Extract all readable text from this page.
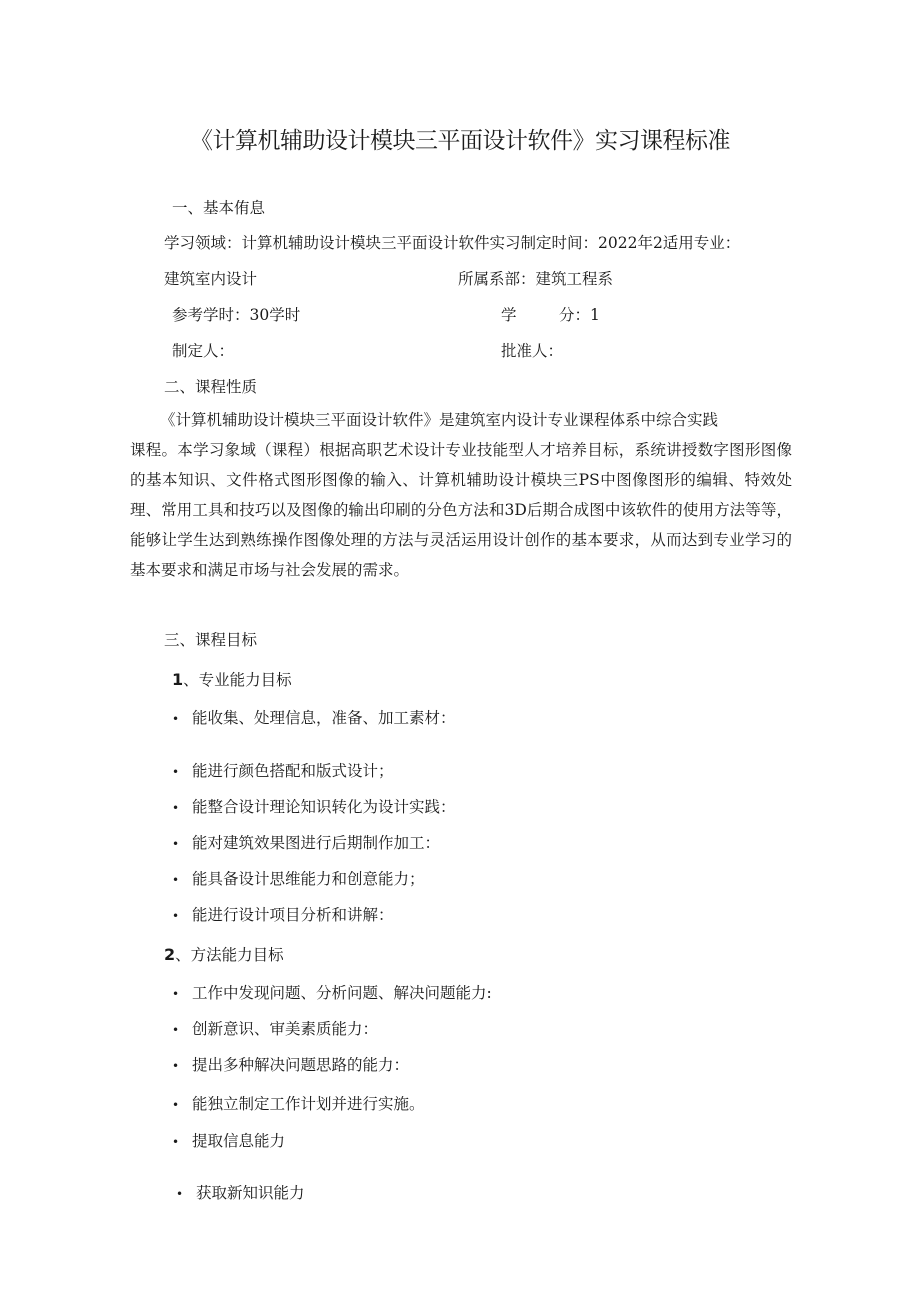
《计算机辅助设计模块三平面设计软件》实习课程标准
一、基本侑息
学习领域：计算机辅助设计模块三平面设计软件实习制定时间：2022年2适用专业：
建筑室内设计	所属系部：建筑工程系
参考学时：30学时	学	分：1
制定人：	批准人：
二、课程性质

《计算机辅助设计模块三平面设计软件》是建筑室内设计专业课程体系中综合实践

课程。本学习象域（课程）根据高职艺术设计专业技能型人才培养目标，系统讲授数字图形图像的基本知识、文件格式图形图像的输入、计算机辅助设计模块三PS中图像图形的编辑、特效处理、常用工具和技巧以及图像的输出印刷的分色方法和3D后期合成图中该软件的使用方法等等，能够让学生达到熟练操作图像处理的方法与灵活运用设计创作的基本要求，从而达到专业学习的基本要求和满足市场与社会发展的需求。

三、课程目标
1、专业能力目标
• 能收集、处理信息，准备、加工素材：
• 能进行颜色搭配和版式设计；
• 能整合设计理论知识转化为设计实践：
• 能对建筑效果图进行后期制作加工：
• 能具备设计思维能力和创意能力；
• 能进行设计项目分析和讲解：
2、方法能力目标
• 工作中发现问题、分析问题、解决问题能力:
• 创新意识、审美素质能力：
• 提出多种解决问题思路的能力：
• 能独立制定工作计划并进行实施。
• 提取信息能力
• 获取新知识能力
